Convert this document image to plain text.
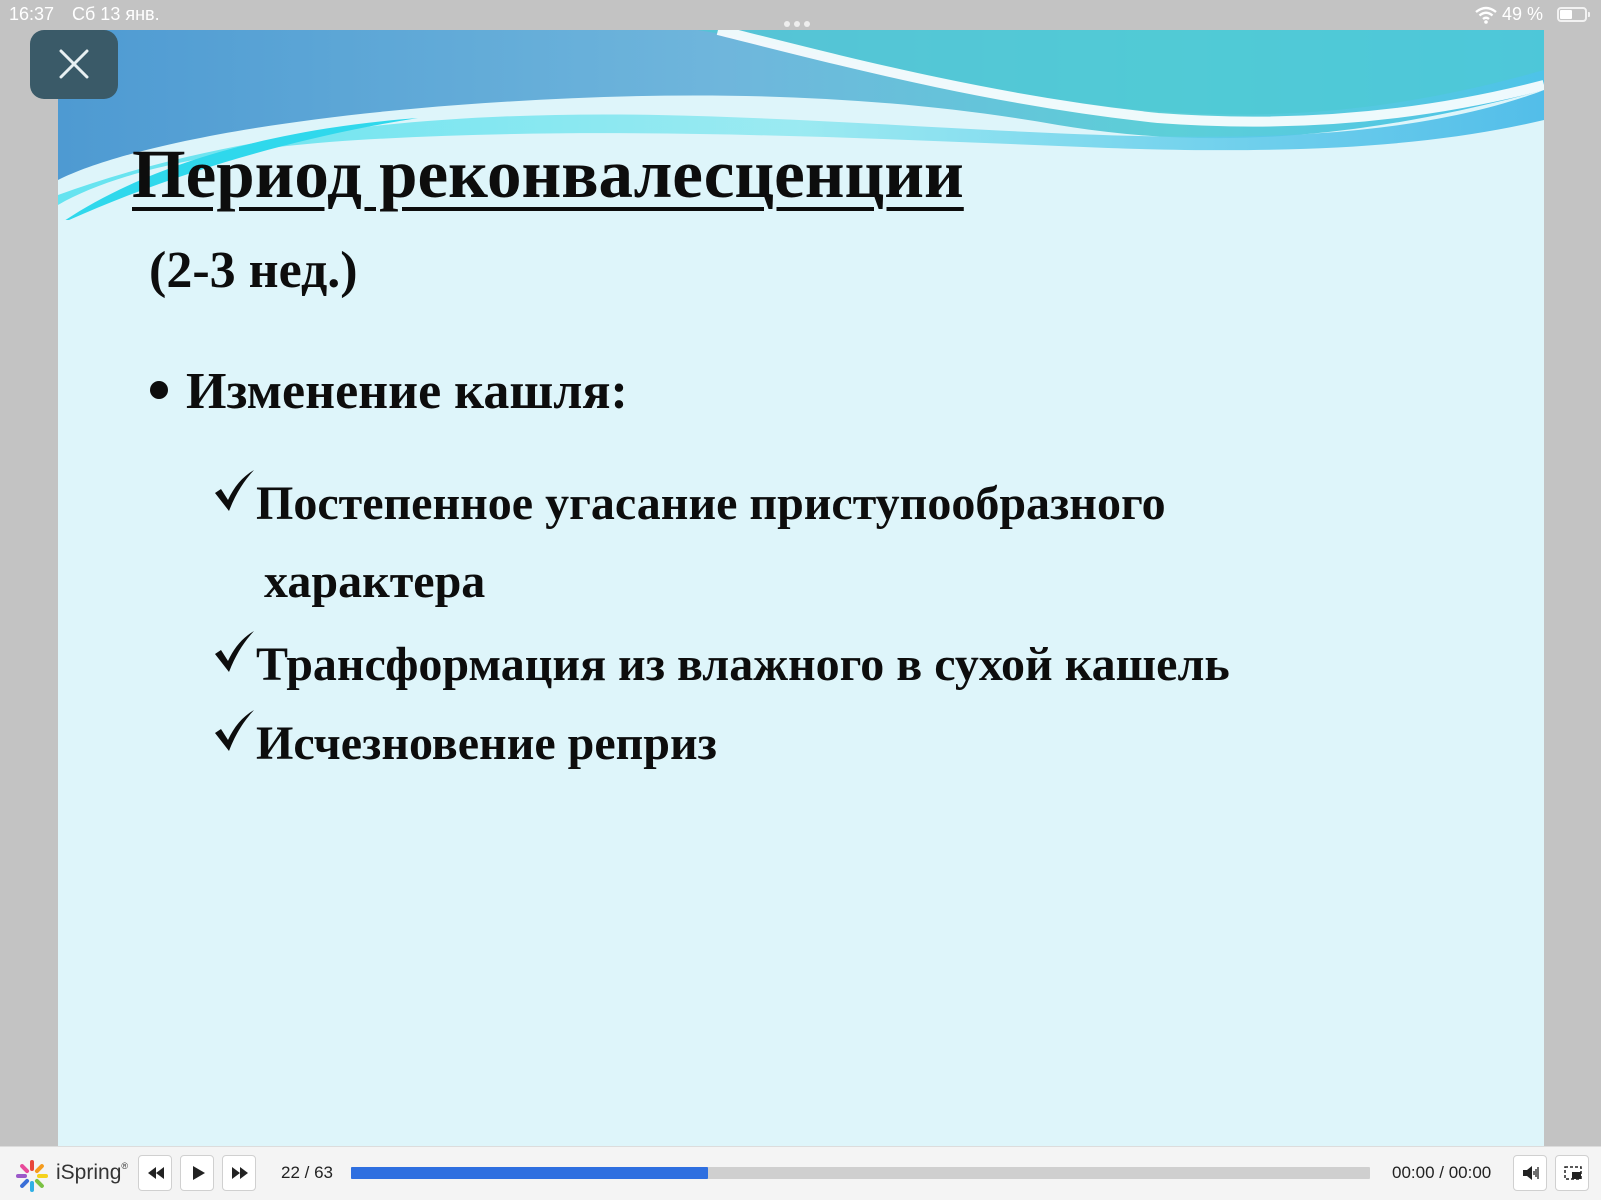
16:37 Сб 13 янв.	49 %
Период реконвалесценции

(2-3 нед.)

Изменение кашля:
Постепенное угасание приступообразного
характера
Трансформация из влажного в сухой кашель
Исчезновение реприз
iSpring®	22 / 63	00:00 / 00:00
